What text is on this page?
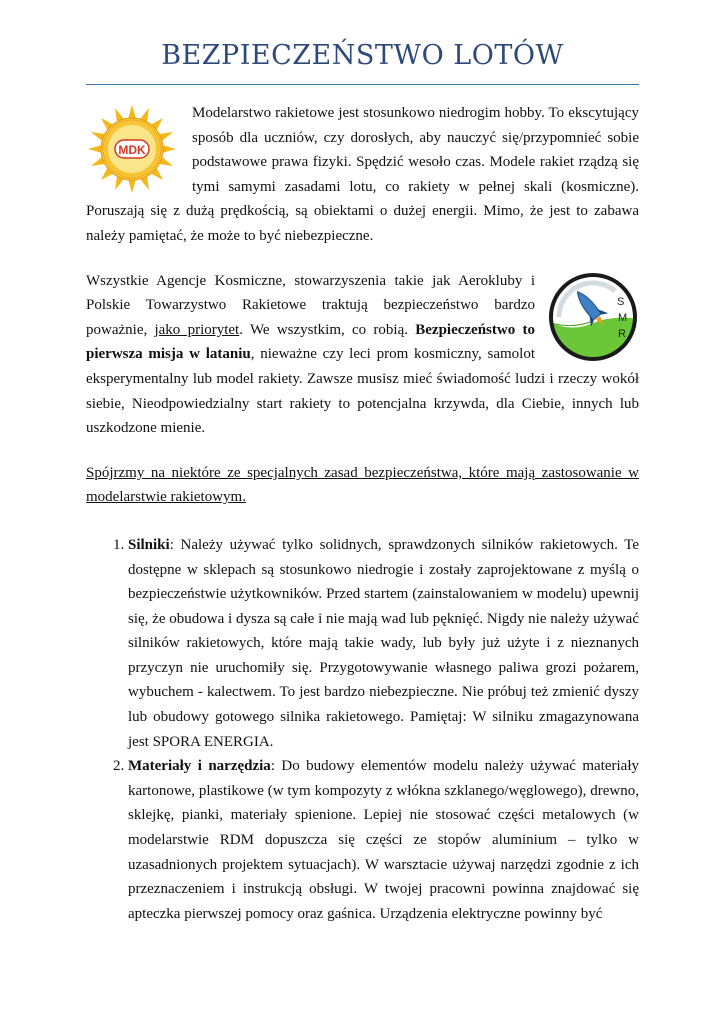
BEZPIECZEŃSTWO LOTÓW

MDK
Modelarstwo rakietowe jest stosunkowo niedrogim hobby. To ekscytujący sposób dla uczniów, czy dorosłych, aby nauczyć się/przypomnieć sobie podstawowe prawa fizyki. Spędzić wesoło czas. Modele rakiet rządzą się tymi samymi zasadami lotu, co rakiety w pełnej skali (kosmiczne). Poruszają się z dużą prędkością, są obiektami o dużej energii. Mimo, że jest to zabawa należy pamiętać, że może to być niebezpieczne.

S
M
R
Wszystkie Agencje Kosmiczne, stowarzyszenia takie jak Aerokluby i Polskie Towarzystwo Rakietowe traktują bezpieczeństwo bardzo poważnie, jako priorytet. We wszystkim, co robią. Bezpieczeństwo to pierwsza misja w lataniu, nieważne czy leci prom kosmiczny, samolot eksperymentalny lub model rakiety. Zawsze musisz mieć świadomość ludzi i rzeczy wokół siebie, Nieodpowiedzialny start rakiety to potencjalna krzywda, dla Ciebie, innych lub uszkodzone mienie.

Spójrzmy na niektóre ze specjalnych zasad bezpieczeństwa, które mają zastosowanie w modelarstwie rakietowym.

1. Silniki: Należy używać tylko solidnych, sprawdzonych silników rakietowych. Te dostępne w sklepach są stosunkowo niedrogie i zostały zaprojektowane z myślą o bezpieczeństwie użytkowników. Przed startem (zainstalowaniem w modelu) upewnij się, że obudowa i dysza są całe i nie mają wad lub pęknięć. Nigdy nie należy używać silników rakietowych, które mają takie wady, lub były już użyte i z nieznanych przyczyn nie uruchomiły się. Przygotowywanie własnego paliwa grozi pożarem, wybuchem - kalectwem. To jest bardzo niebezpieczne. Nie próbuj też zmienić dyszy lub obudowy gotowego silnika rakietowego. Pamiętaj: W silniku zmagazynowana jest SPORA ENERGIA.
2. Materiały i narzędzia: Do budowy elementów modelu należy używać materiały kartonowe, plastikowe (w tym kompozyty z włókna szklanego/węglowego), drewno, sklejkę, pianki, materiały spienione. Lepiej nie stosować części metalowych (w modelarstwie RDM dopuszcza się części ze stopów aluminium – tylko w uzasadnionych projektem sytuacjach). W warsztacie używaj narzędzi zgodnie z ich przeznaczeniem i instrukcją obsługi. W twojej pracowni powinna znajdować się apteczka pierwszej pomocy oraz gaśnica. Urządzenia elektryczne powinny być
